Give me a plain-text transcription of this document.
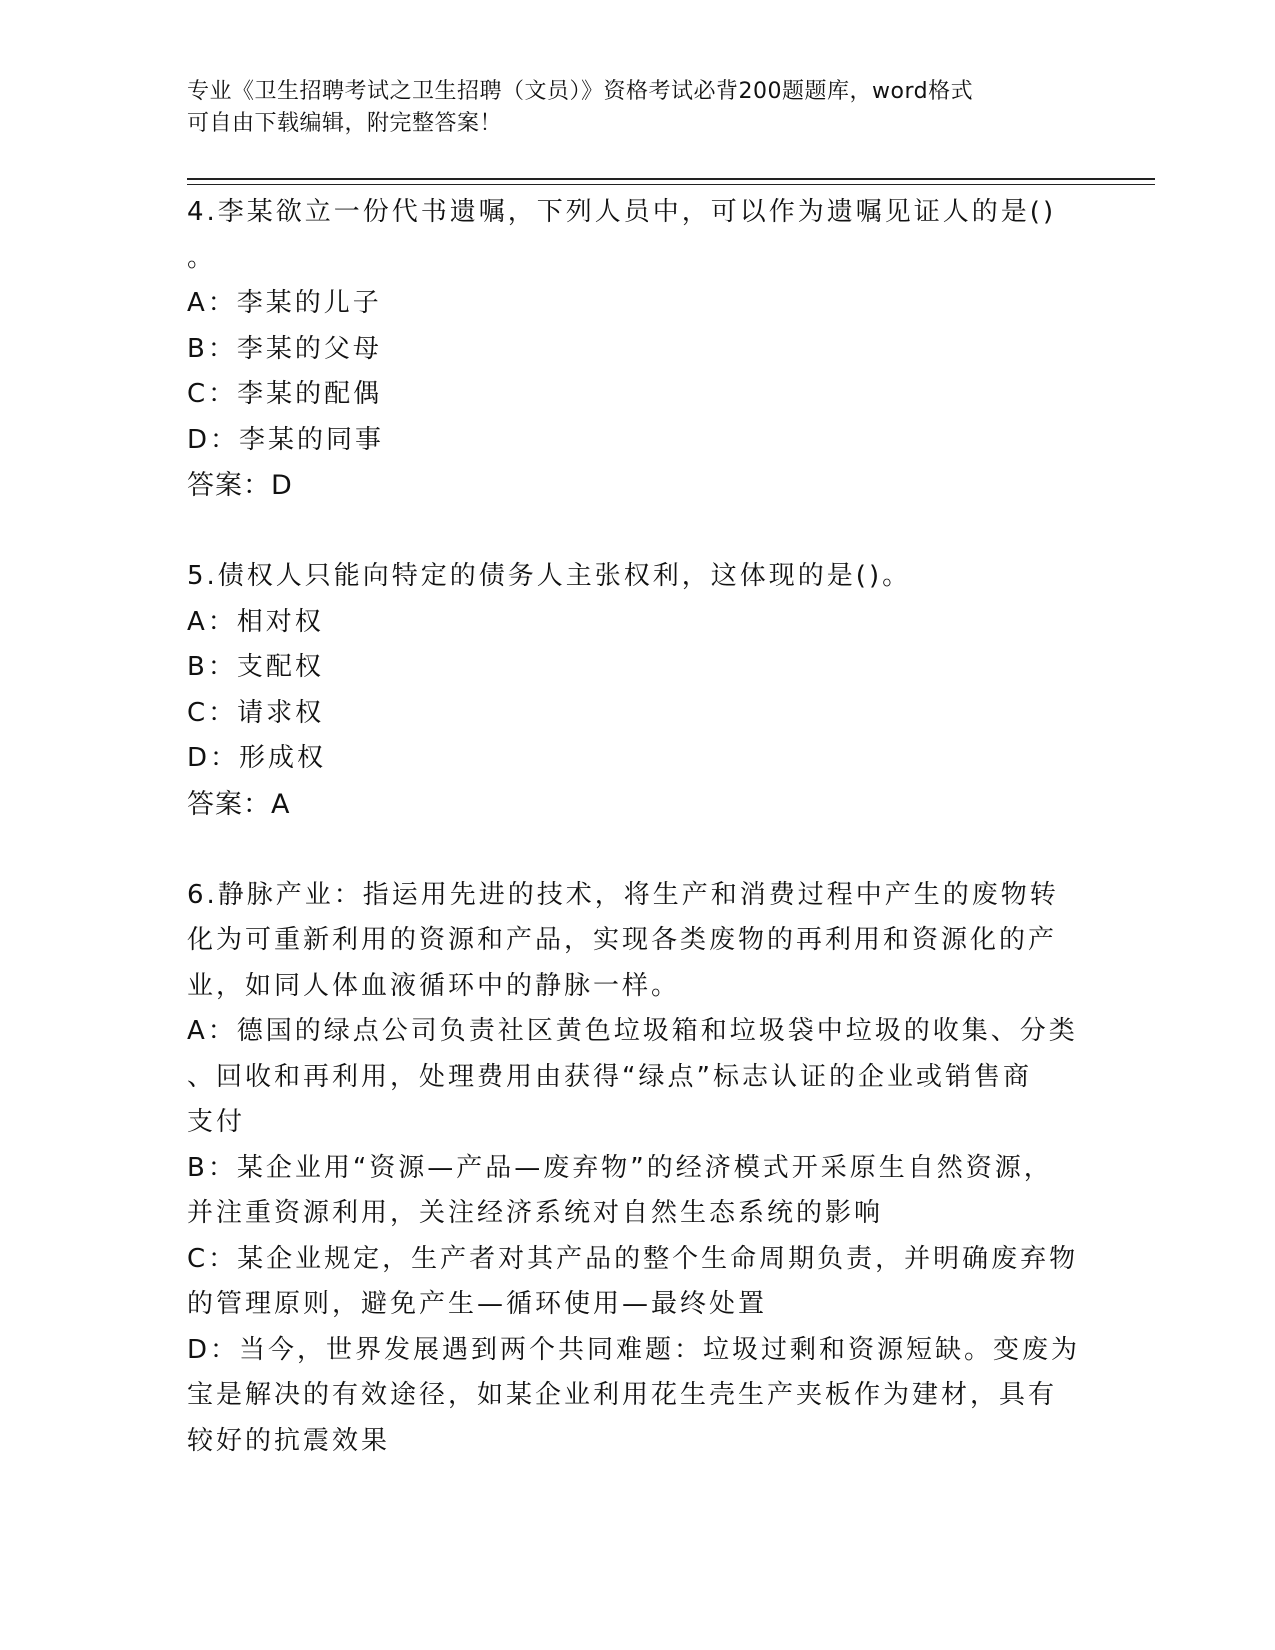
专业《卫生招聘考试之卫生招聘（文员）》资格考试必背200题题库，word格式
可自由下载编辑，附完整答案！
4.李某欲立一份代书遗嘱，下列人员中，可以作为遗嘱见证人的是()
。
A：李某的儿子
B：李某的父母
C：李某的配偶
D：李某的同事
答案：D
5.债权人只能向特定的债务人主张权利，这体现的是()。
A：相对权
B：支配权
C：请求权
D：形成权
答案：A
6.静脉产业：指运用先进的技术，将生产和消费过程中产生的废物转
化为可重新利用的资源和产品，实现各类废物的再利用和资源化的产
业，如同人体血液循环中的静脉一样。
A：德国的绿点公司负责社区黄色垃圾箱和垃圾袋中垃圾的收集、分类
、回收和再利用，处理费用由获得“绿点”标志认证的企业或销售商
支付
B：某企业用“资源—产品—废弃物”的经济模式开采原生自然资源，
并注重资源利用，关注经济系统对自然生态系统的影响
C：某企业规定，生产者对其产品的整个生命周期负责，并明确废弃物
的管理原则，避免产生—循环使用—最终处置
D：当今，世界发展遇到两个共同难题：垃圾过剩和资源短缺。变废为
宝是解决的有效途径，如某企业利用花生壳生产夹板作为建材，具有
较好的抗震效果
